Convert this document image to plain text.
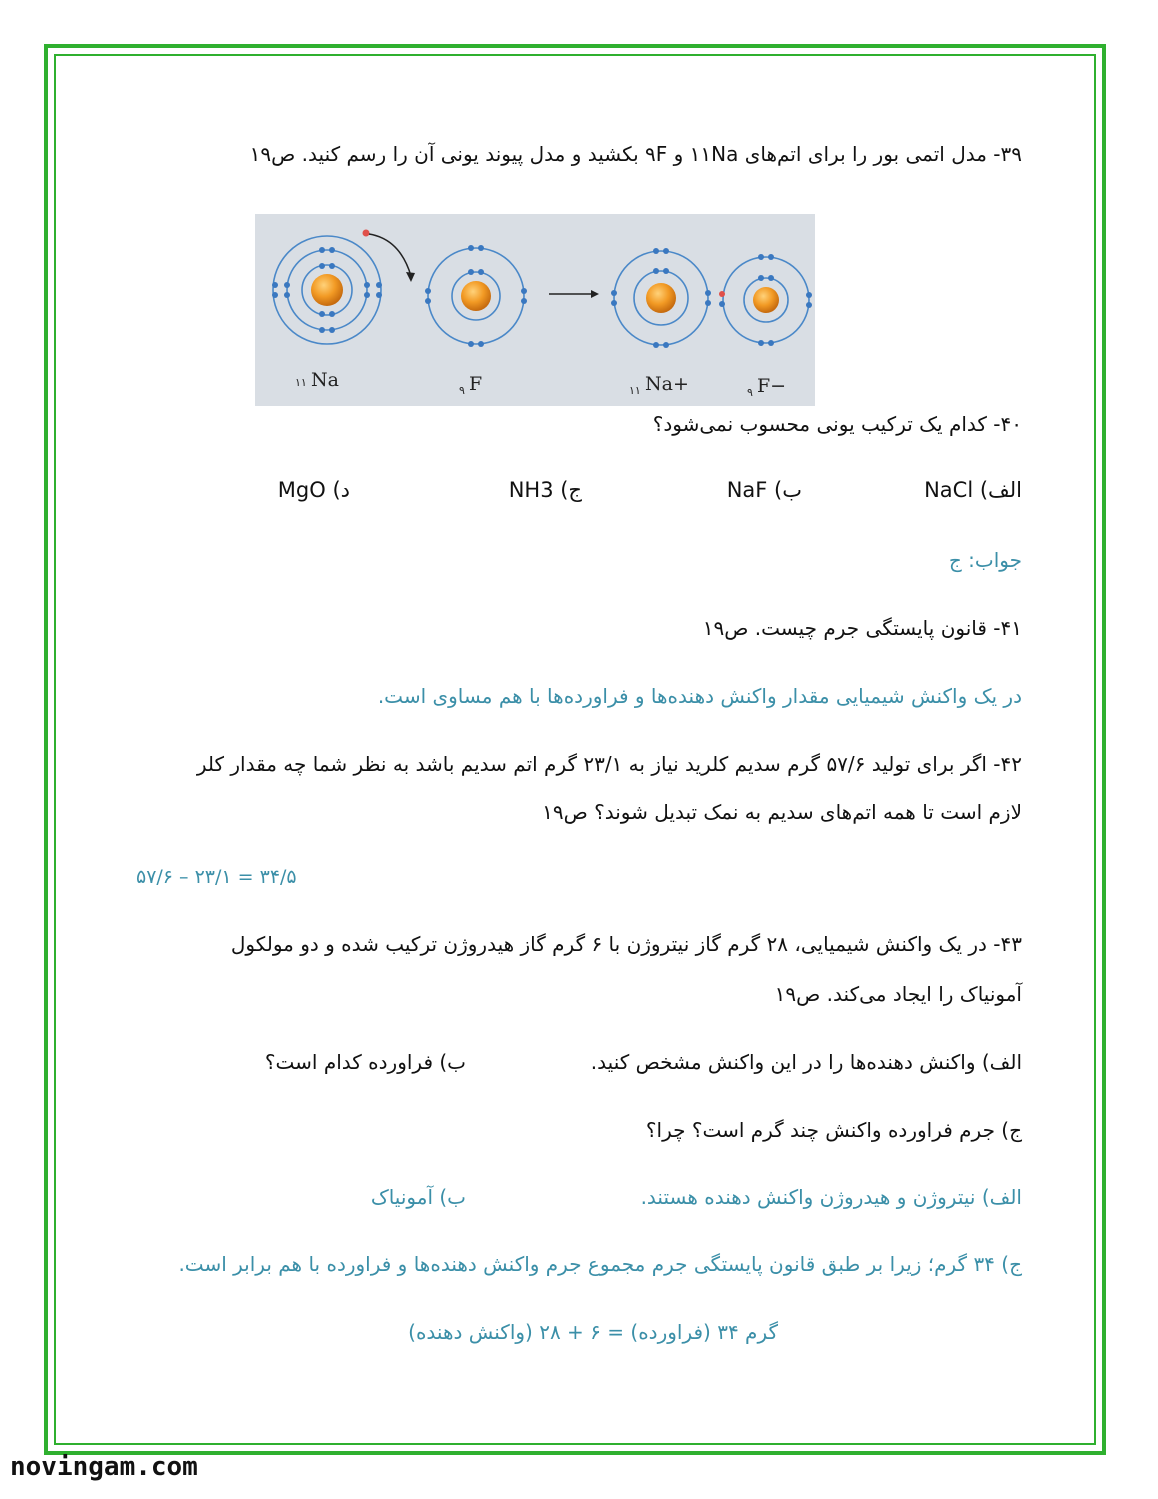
۳۹- مدل اتمی بور را برای اتم‌های ۱۱Na و ۹F بکشید و مدل پیوند یونی آن را رسم کنید. ص۱۹
۱۱ Na	۹ F	۱۱ Na+	۹ F−
۴۰- کدام یک ترکیب یونی محسوب نمی‌شود؟
الف) NaCl
ب) NaF
ج) NH3
د) MgO
جواب: ج
۴۱- قانون پایستگی جرم چیست. ص۱۹
در یک واکنش شیمیایی مقدار واکنش دهنده‌ها و فراورده‌ها با هم مساوی است.
۴۲- اگر برای تولید ۵۷/۶ گرم سدیم کلرید نیاز به ۲۳/۱ گرم اتم سدیم باشد به نظر شما چه مقدار کلر
لازم است تا همه اتم‌های سدیم به نمک تبدیل شوند؟ ص۱۹
۵۷/۶ – ۲۳/۱ = ۳۴/۵
۴۳- در یک واکنش شیمیایی، ۲۸ گرم گاز نیتروژن با ۶ گرم گاز هیدروژن ترکیب شده و دو مولکول
آمونیاک را ایجاد می‌کند. ص۱۹
الف) واکنش دهنده‌ها را در این واکنش مشخص کنید.
ب) فراورده کدام است؟
ج) جرم فراورده واکنش چند گرم است؟ چرا؟
الف) نیتروژن و هیدروژن واکنش دهنده هستند.
ب) آمونیاک
ج) ۳۴ گرم؛ زیرا بر طبق قانون پایستگی جرم مجموع جرم واکنش دهنده‌ها و فراورده با هم برابر است.
گرم ۳۴ (فراورده) = ۶ + ۲۸ (واکنش دهنده)
novingam.com
